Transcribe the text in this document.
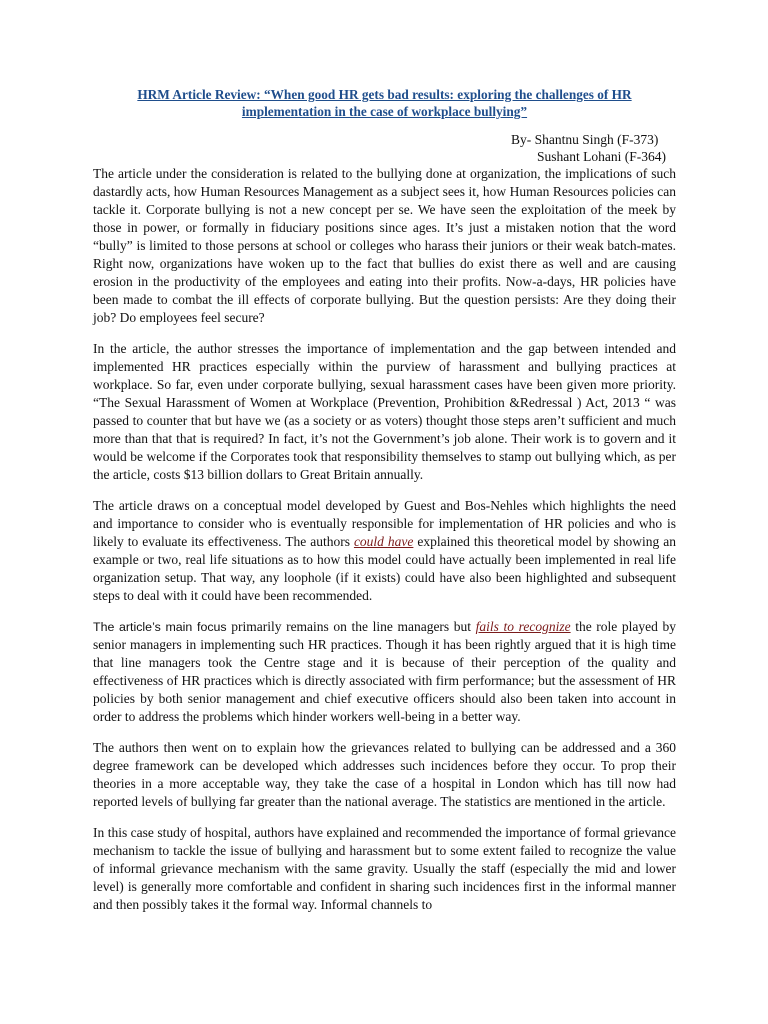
HRM Article Review: “When good HR gets bad results: exploring the challenges of HR
implementation in the case of workplace bullying”
By- Shantnu Singh (F-373)
Sushant Lohani (F-364)

The article under the consideration is related to the bullying done at organization, the implications of such dastardly acts, how Human Resources Management as a subject sees it, how Human Resources policies can tackle it. Corporate bullying is not a new concept per se. We have seen the exploitation of the meek by those in power, or formally in fiduciary positions since ages. It’s just a mistaken notion that the word “bully” is limited to those persons at school or colleges who harass their juniors or their weak batch-mates. Right now, organizations have woken up to the fact that bullies do exist there as well and are causing erosion in the productivity of the employees and eating into their profits. Now-a-days, HR policies have been made to combat the ill effects of corporate bullying. But the question persists: Are they doing their job? Do employees feel secure?

In the article, the author stresses the importance of implementation and the gap between intended and implemented HR practices especially within the purview of harassment and bullying practices at workplace. So far, even under corporate bullying, sexual harassment cases have been given more priority. “The Sexual Harassment of Women at Workplace (Prevention, Prohibition &Redressal ) Act, 2013 “ was passed to counter that but have we (as a society or as voters) thought those steps aren’t sufficient and much more than that that is required? In fact, it’s not the Government’s job alone. Their work is to govern and it would be welcome if the Corporates took that responsibility themselves to stamp out bullying which, as per the article, costs $13 billion dollars to Great Britain annually.

The article draws on a conceptual model developed by Guest and Bos-Nehles which highlights the need and importance to consider who is eventually responsible for implementation of HR policies and who is likely to evaluate its effectiveness. The authors could have explained this theoretical model by showing an example or two, real life situations as to how this model could have actually been implemented in real life organization setup. That way, any loophole (if it exists) could have also been highlighted and subsequent steps to deal with it could have been recommended.

The article’s main focus primarily remains on the line managers but fails to recognize the role played by senior managers in implementing such HR practices. Though it has been rightly argued that it is high time that line managers took the Centre stage and it is because of their perception of the quality and effectiveness of HR practices which is directly associated with firm performance; but the assessment of HR policies by both senior management and chief executive officers should also been taken into account in order to address the problems which hinder workers well-being in a better way.

The authors then went on to explain how the grievances related to bullying can be addressed and a 360 degree framework can be developed which addresses such incidences before they occur. To prop their theories in a more acceptable way, they take the case of a hospital in London which has till now had reported levels of bullying far greater than the national average. The statistics are mentioned in the article.

In this case study of hospital, authors have explained and recommended the importance of formal grievance mechanism to tackle the issue of bullying and harassment but to some extent failed to recognize the value of informal grievance mechanism with the same gravity. Usually the staff (especially the mid and lower level) is generally more comfortable and confident in sharing such incidences first in the informal manner and then possibly takes it the formal way. Informal channels to
